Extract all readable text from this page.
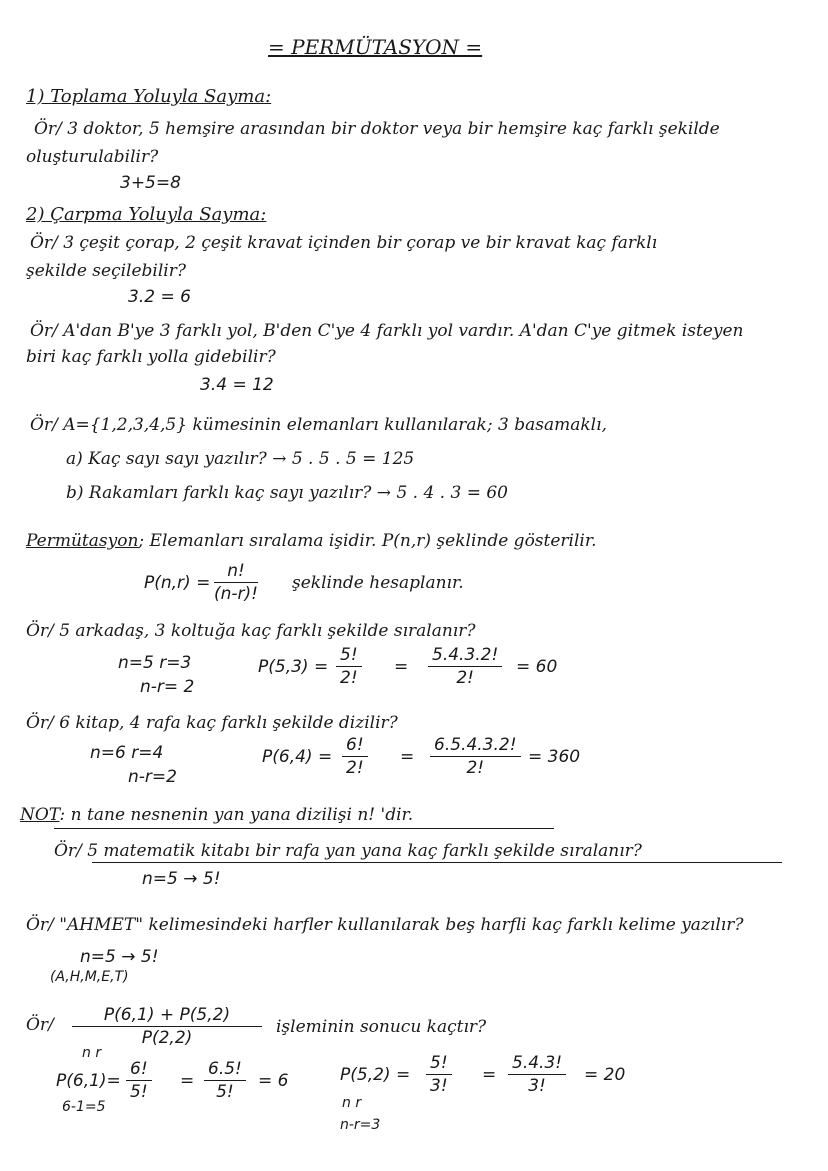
= PERMÜTASYON =
1) Toplama Yoluyla Sayma:
Ör/ 3 doktor, 5 hemşire arasından bir doktor veya bir hemşire kaç farklı şekilde
oluşturulabilir?
3+5=8
2) Çarpma Yoluyla Sayma:
Ör/ 3 çeşit çorap, 2 çeşit kravat içinden bir çorap ve bir kravat kaç farklı
şekilde seçilebilir?
3.2 = 6
Ör/ A'dan B'ye 3 farklı yol, B'den C'ye 4 farklı yol vardır. A'dan C'ye gitmek isteyen
biri kaç farklı yolla gidebilir?
3.4 = 12
Ör/ A={1,2,3,4,5} kümesinin elemanları kullanılarak; 3 basamaklı,
a) Kaç sayı sayı yazılır? → 5 . 5 . 5 = 125
b) Rakamları farklı kaç sayı yazılır? → 5 . 4 . 3 = 60
Permütasyon; Elemanları sıralama işidir. P(n,r) şeklinde gösterilir.
$P(n,r) = \frac{n!}{(n-r)!}$ şeklinde hesaplanır.
Ör/ 5 arkadaş, 3 koltuğa kaç farklı şekilde sıralanır?
n=5 r=3
n-r= 2
$P(5,3) = \frac{5!}{2!} = \frac{5.4.3.2!}{2!} = 60$
Ör/ 6 kitap, 4 rafa kaç farklı şekilde dizilir?
n=6 r=4
n-r=2
$P(6,4) = \frac{6!}{2!} = \frac{6.5.4.3.2!}{2!} = 360$
NOT: n tane nesnenin yan yana dizilişi n! 'dir.
Ör/ 5 matematik kitabı bir rafa yan yana kaç farklı şekilde sıralanır?
n=5 → 5!
Ör/ "AHMET" kelimesindeki harfler kullanılarak beş harfli kaç farklı kelime yazılır?
n=5 → 5!
(A,H,M,E,T)
Ör/ $\frac{P(6,1) + P(5,2)}{P(2,2)}$ işleminin sonucu kaçtır?
n r
$P(6,1)= \frac{6!}{5!} = \frac{6.5!}{5!} = 6$
6-1=5
$P(5,2) = \frac{5!}{3!} = \frac{5.4.3!}{3!} = 20$
n r
n-r=3
